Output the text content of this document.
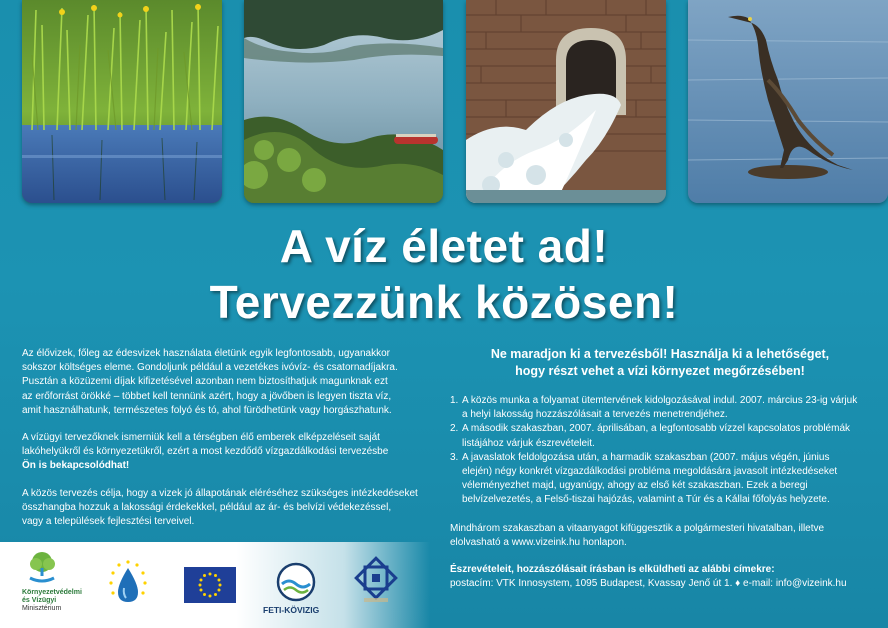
A víz életet ad!
Tervezzünk közösen!

Az élővizek, főleg az édesvizek használata életünk egyik legfontosabb, ugyanakkor
sokszor költséges eleme. Gondoljunk például a vezetékes ivóvíz- és csatornadíjakra.
Pusztán a közüzemi díjak kifizetésével azonban nem biztosíthatjuk magunknak ezt
az erőforrást örökké – többet kell tennünk azért, hogy a jövőben is legyen tiszta víz,
amit használhatunk, természetes folyó és tó, ahol fürödhetünk vagy horgászhatunk.

A vízügyi tervezőknek ismerniük kell a térségben élő emberek elképzeléseit saját
lakóhelyükről és környezetükről, ezért a most kezdődő vízgazdálkodási tervezésbe
Ön is bekapcsolódhat!

A közös tervezés célja, hogy a vizek jó állapotának eléréséhez szükséges intézkedéseket
összhangba hozzuk a lakossági érdekekkel, például az ár- és belvízi védekezéssel,
vagy a települések fejlesztési terveivel.

Ne maradjon ki a tervezésből! Használja ki a lehetőséget,
hogy részt vehet a vízi környezet megőrzésében!

1. A közös munka a folyamat ütemtervének kidolgozásával indul. 2007. március 23-ig várjuk
a helyi lakosság hozzászólásait a tervezés menetrendjéhez.
2. A második szakaszban, 2007. áprilisában, a legfontosabb vízzel kapcsolatos problémák
listájához várjuk észrevételeit.
3. A javaslatok feldolgozása után, a harmadik szakaszban (2007. május végén, június
elején) négy konkrét vízgazdálkodási probléma megoldására javasolt intézkedéseket
véleményezhet majd, ugyanúgy, ahogy az első két szakaszban. Ezek a beregi
belvízelvezetés, a Felső-tiszai hajózás, valamint a Túr és a Kállai főfolyás helyzete.

Mindhárom szakaszban a vitaanyagot kifüggesztik a polgármesteri hivatalban, illetve
elolvasható a www.vizeink.hu honlapon.

Észrevételeit, hozzászólásait írásban is elküldheti az alábbi címekre:

postacím: VTK Innosystem, 1095 Budapest, Kvassay Jenő út 1. ♦ e-mail: info@vizeink.hu

Környezetvédelmi
és Vízügyi
Minisztérium	FETI-KÖVIZIG
